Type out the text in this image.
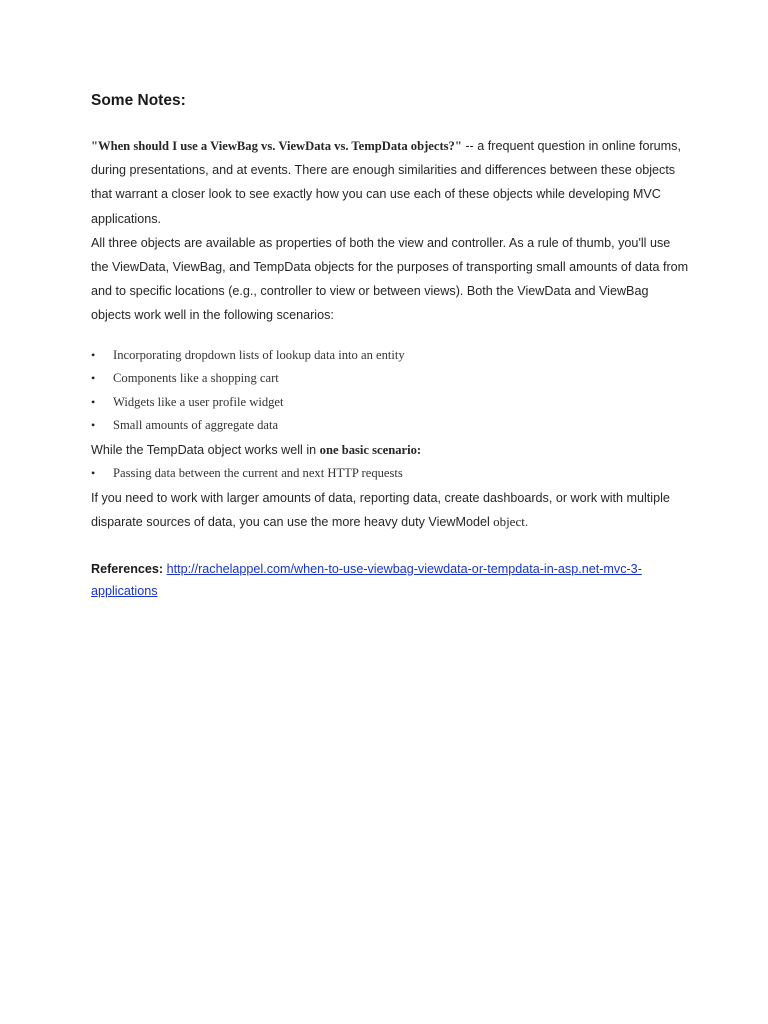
Some Notes:

"When should I use a ViewBag vs. ViewData vs. TempData objects?" -- a frequent question in online forums, during presentations, and at events. There are enough similarities and differences between these objects that warrant a closer look to see exactly how you can use each of these objects while developing MVC applications.

All three objects are available as properties of both the view and controller. As a rule of thumb, you'll use the ViewData, ViewBag, and TempData objects for the purposes of transporting small amounts of data from and to specific locations (e.g., controller to view or between views). Both the ViewData and ViewBag objects work well in the following scenarios:

• Incorporating dropdown lists of lookup data into an entity
• Components like a shopping cart
• Widgets like a user profile widget
• Small amounts of aggregate data

While the TempData object works well in one basic scenario:

• Passing data between the current and next HTTP requests

If you need to work with larger amounts of data, reporting data, create dashboards, or work with multiple disparate sources of data, you can use the more heavy duty ViewModel object.

References: http://rachelappel.com/when-to-use-viewbag-viewdata-or-tempdata-in-asp.net-mvc-3-
applications
